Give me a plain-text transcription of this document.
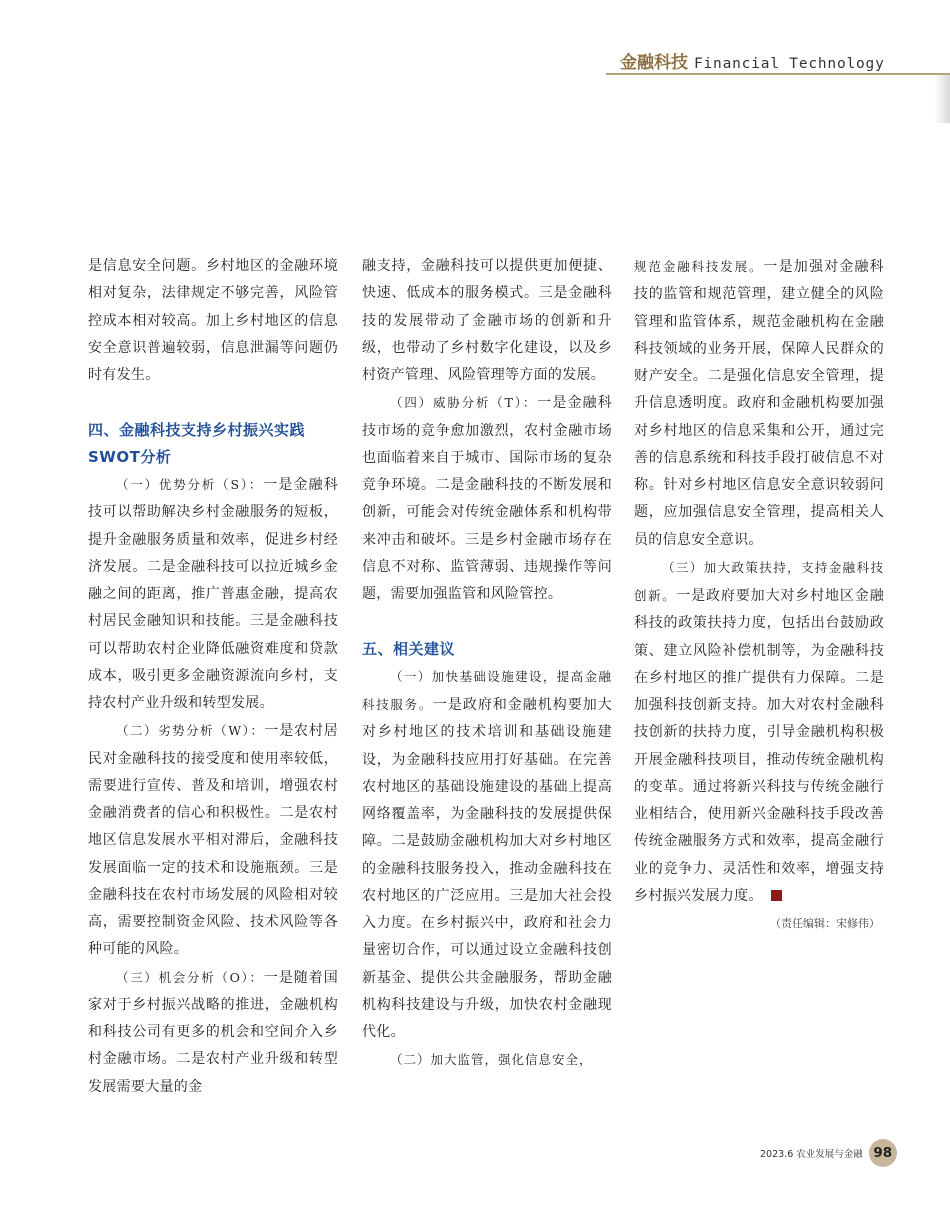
金融科技 Financial Technology

是信息安全问题。乡村地区的金融环境相对复杂，法律规定不够完善，风险管控成本相对较高。加上乡村地区的信息安全意识普遍较弱，信息泄漏等问题仍时有发生。

四、金融科技支持乡村振兴实践SWOT分析

（一）优势分析（S）：一是金融科技可以帮助解决乡村金融服务的短板，提升金融服务质量和效率，促进乡村经济发展。二是金融科技可以拉近城乡金融之间的距离，推广普惠金融，提高农村居民金融知识和技能。三是金融科技可以帮助农村企业降低融资难度和贷款成本，吸引更多金融资源流向乡村，支持农村产业升级和转型发展。

（二）劣势分析（W）：一是农村居民对金融科技的接受度和使用率较低，需要进行宣传、普及和培训，增强农村金融消费者的信心和积极性。二是农村地区信息发展水平相对滞后，金融科技发展面临一定的技术和设施瓶颈。三是金融科技在农村市场发展的风险相对较高，需要控制资金风险、技术风险等各种可能的风险。

（三）机会分析（O）：一是随着国家对于乡村振兴战略的推进，金融机构和科技公司有更多的机会和空间介入乡村金融市场。二是农村产业升级和转型发展需要大量的金

融支持，金融科技可以提供更加便捷、快速、低成本的服务模式。三是金融科技的发展带动了金融市场的创新和升级，也带动了乡村数字化建设，以及乡村资产管理、风险管理等方面的发展。

（四）威胁分析（T）：一是金融科技市场的竞争愈加激烈，农村金融市场也面临着来自于城市、国际市场的复杂竞争环境。二是金融科技的不断发展和创新，可能会对传统金融体系和机构带来冲击和破坏。三是乡村金融市场存在信息不对称、监管薄弱、违规操作等问题，需要加强监管和风险管控。

五、相关建议

（一）加快基础设施建设，提高金融科技服务。一是政府和金融机构要加大对乡村地区的技术培训和基础设施建设，为金融科技应用打好基础。在完善农村地区的基础设施建设的基础上提高网络覆盖率，为金融科技的发展提供保障。二是鼓励金融机构加大对乡村地区的金融科技服务投入，推动金融科技在农村地区的广泛应用。三是加大社会投入力度。在乡村振兴中，政府和社会力量密切合作，可以通过设立金融科技创新基金、提供公共金融服务，帮助金融机构科技建设与升级，加快农村金融现代化。

（二）加大监管，强化信息安全，

规范金融科技发展。一是加强对金融科技的监管和规范管理，建立健全的风险管理和监管体系，规范金融机构在金融科技领域的业务开展，保障人民群众的财产安全。二是强化信息安全管理，提升信息透明度。政府和金融机构要加强对乡村地区的信息采集和公开，通过完善的信息系统和科技手段打破信息不对称。针对乡村地区信息安全意识较弱问题，应加强信息安全管理，提高相关人员的信息安全意识。

（三）加大政策扶持，支持金融科技创新。一是政府要加大对乡村地区金融科技的政策扶持力度，包括出台鼓励政策、建立风险补偿机制等，为金融科技在乡村地区的推广提供有力保障。二是加强科技创新支持。加大对农村金融科技创新的扶持力度，引导金融机构积极开展金融科技项目，推动传统金融机构的变革。通过将新兴科技与传统金融行业相结合，使用新兴金融科技手段改善传统金融服务方式和效率，提高金融行业的竞争力、灵活性和效率，增强支持乡村振兴发展力度。

（责任编辑：宋修伟）
2023.6 农业发展与金融 98
